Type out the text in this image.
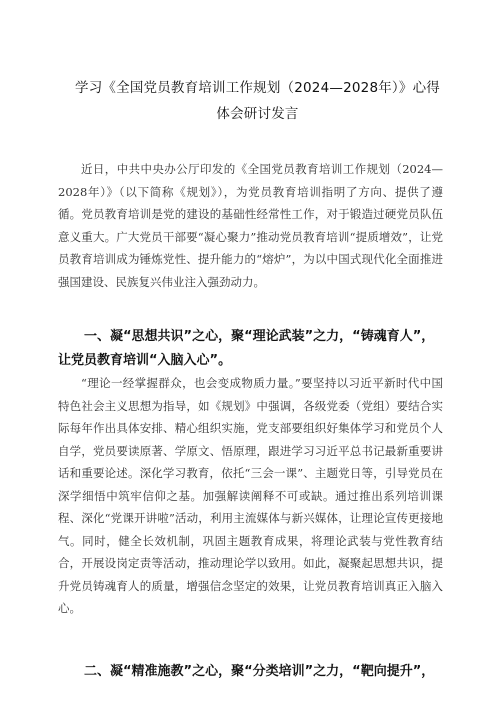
学习《全国党员教育培训工作规划（2024—2028年）》心得体会研讨发言

近日，中共中央办公厅印发的《全国党员教育培训工作规划（2024—2028年）》（以下简称《规划》），为党员教育培训指明了方向、提供了遵循。党员教育培训是党的建设的基础性经常性工作，对于锻造过硬党员队伍意义重大。广大党员干部要“凝心聚力”推动党员教育培训“提质增效”，让党员教育培训成为锤炼党性、提升能力的“熔炉”，为以中国式现代化全面推进强国建设、民族复兴伟业注入强劲动力。

一、凝“思想共识”之心，聚“理论武装”之力，“铸魂育人”，让党员教育培训“入脑入心”。

“理论一经掌握群众，也会变成物质力量。”要坚持以习近平新时代中国特色社会主义思想为指导，如《规划》中强调，各级党委（党组）要结合实际每年作出具体安排、精心组织实施，党支部要组织好集体学习和党员个人自学，党员要读原著、学原文、悟原理，跟进学习习近平总书记最新重要讲话和重要论述。深化学习教育，依托“三会一课”、主题党日等，引导党员在深学细悟中筑牢信仰之基。加强解读阐释不可或缺。通过推出系列培训课程、深化“党课开讲啦”活动，利用主流媒体与新兴媒体，让理论宣传更接地气。同时，健全长效机制，巩固主题教育成果，将理论武装与党性教育结合，开展设岗定责等活动，推动理论学以致用。如此，凝聚起思想共识，提升党员铸魂育人的质量，增强信念坚定的效果，让党员教育培训真正入脑入心。

二、凝“精准施教”之心，聚“分类培训”之力，“靶向提升”，
